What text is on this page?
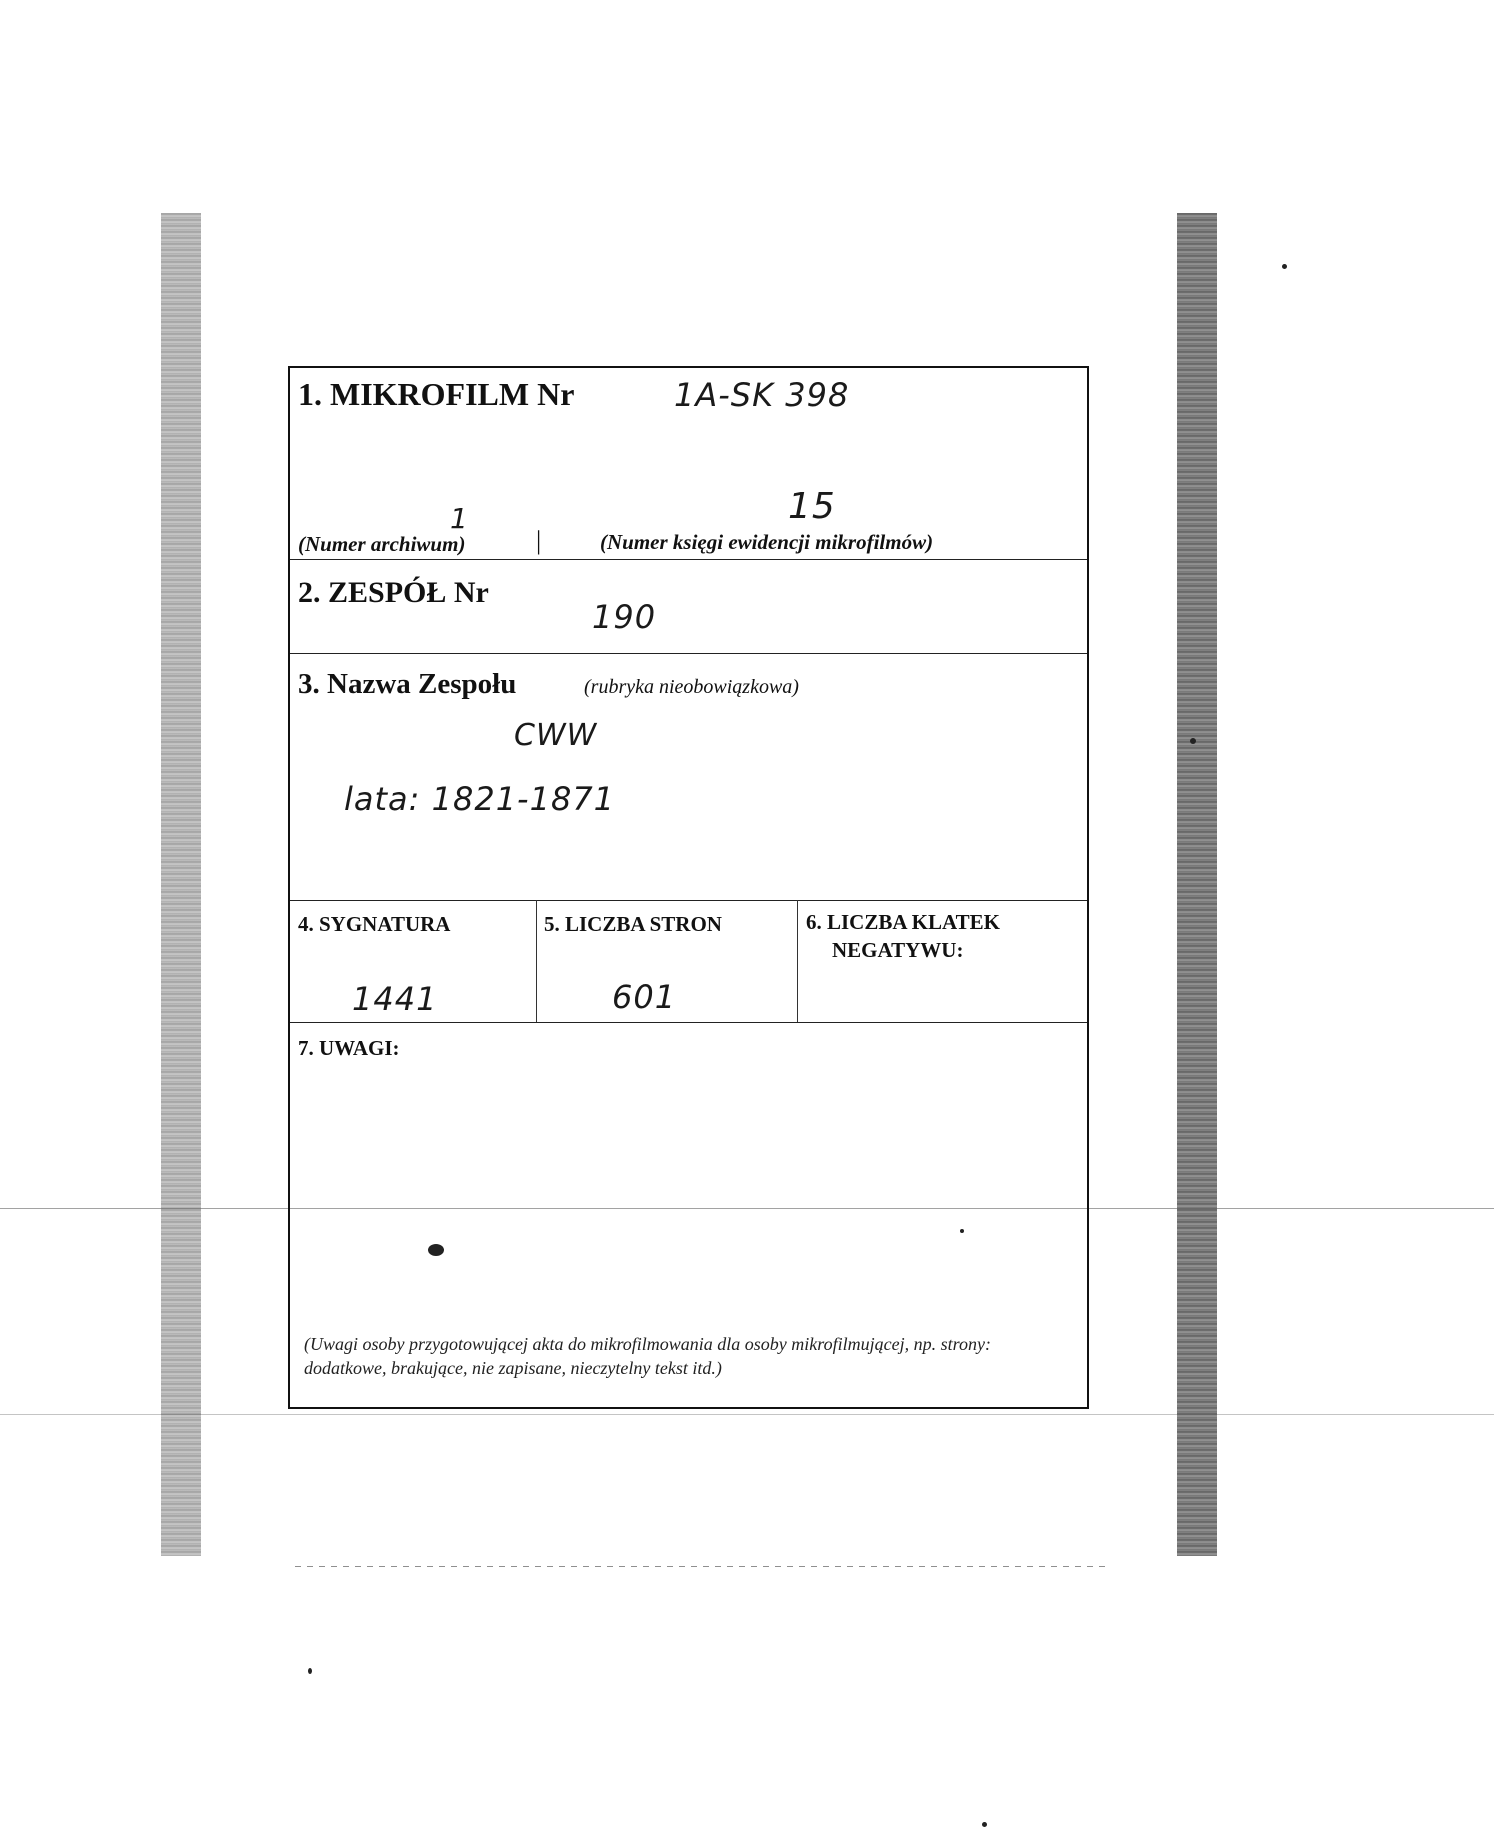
1. MIKROFILM Nr	1A-SK 398
1
(Numer archiwum)	|
15
(Numer księgi ewidencji mikrofilmów)
2. ZESPÓŁ Nr
190
3. Nazwa Zespołu	(rubryka nieobowiązkowa)
CWW
lata: 1821-1871
4. SYGNATURA
1441
5. LICZBA STRON
601
6. LICZBA KLATEK
NEGATYWU:
7. UWAGI:
(Uwagi osoby przygotowującej akta do mikrofilmowania dla osoby mikrofilmującej, np. strony: dodatkowe, brakujące, nie zapisane, nieczytelny tekst itd.)
